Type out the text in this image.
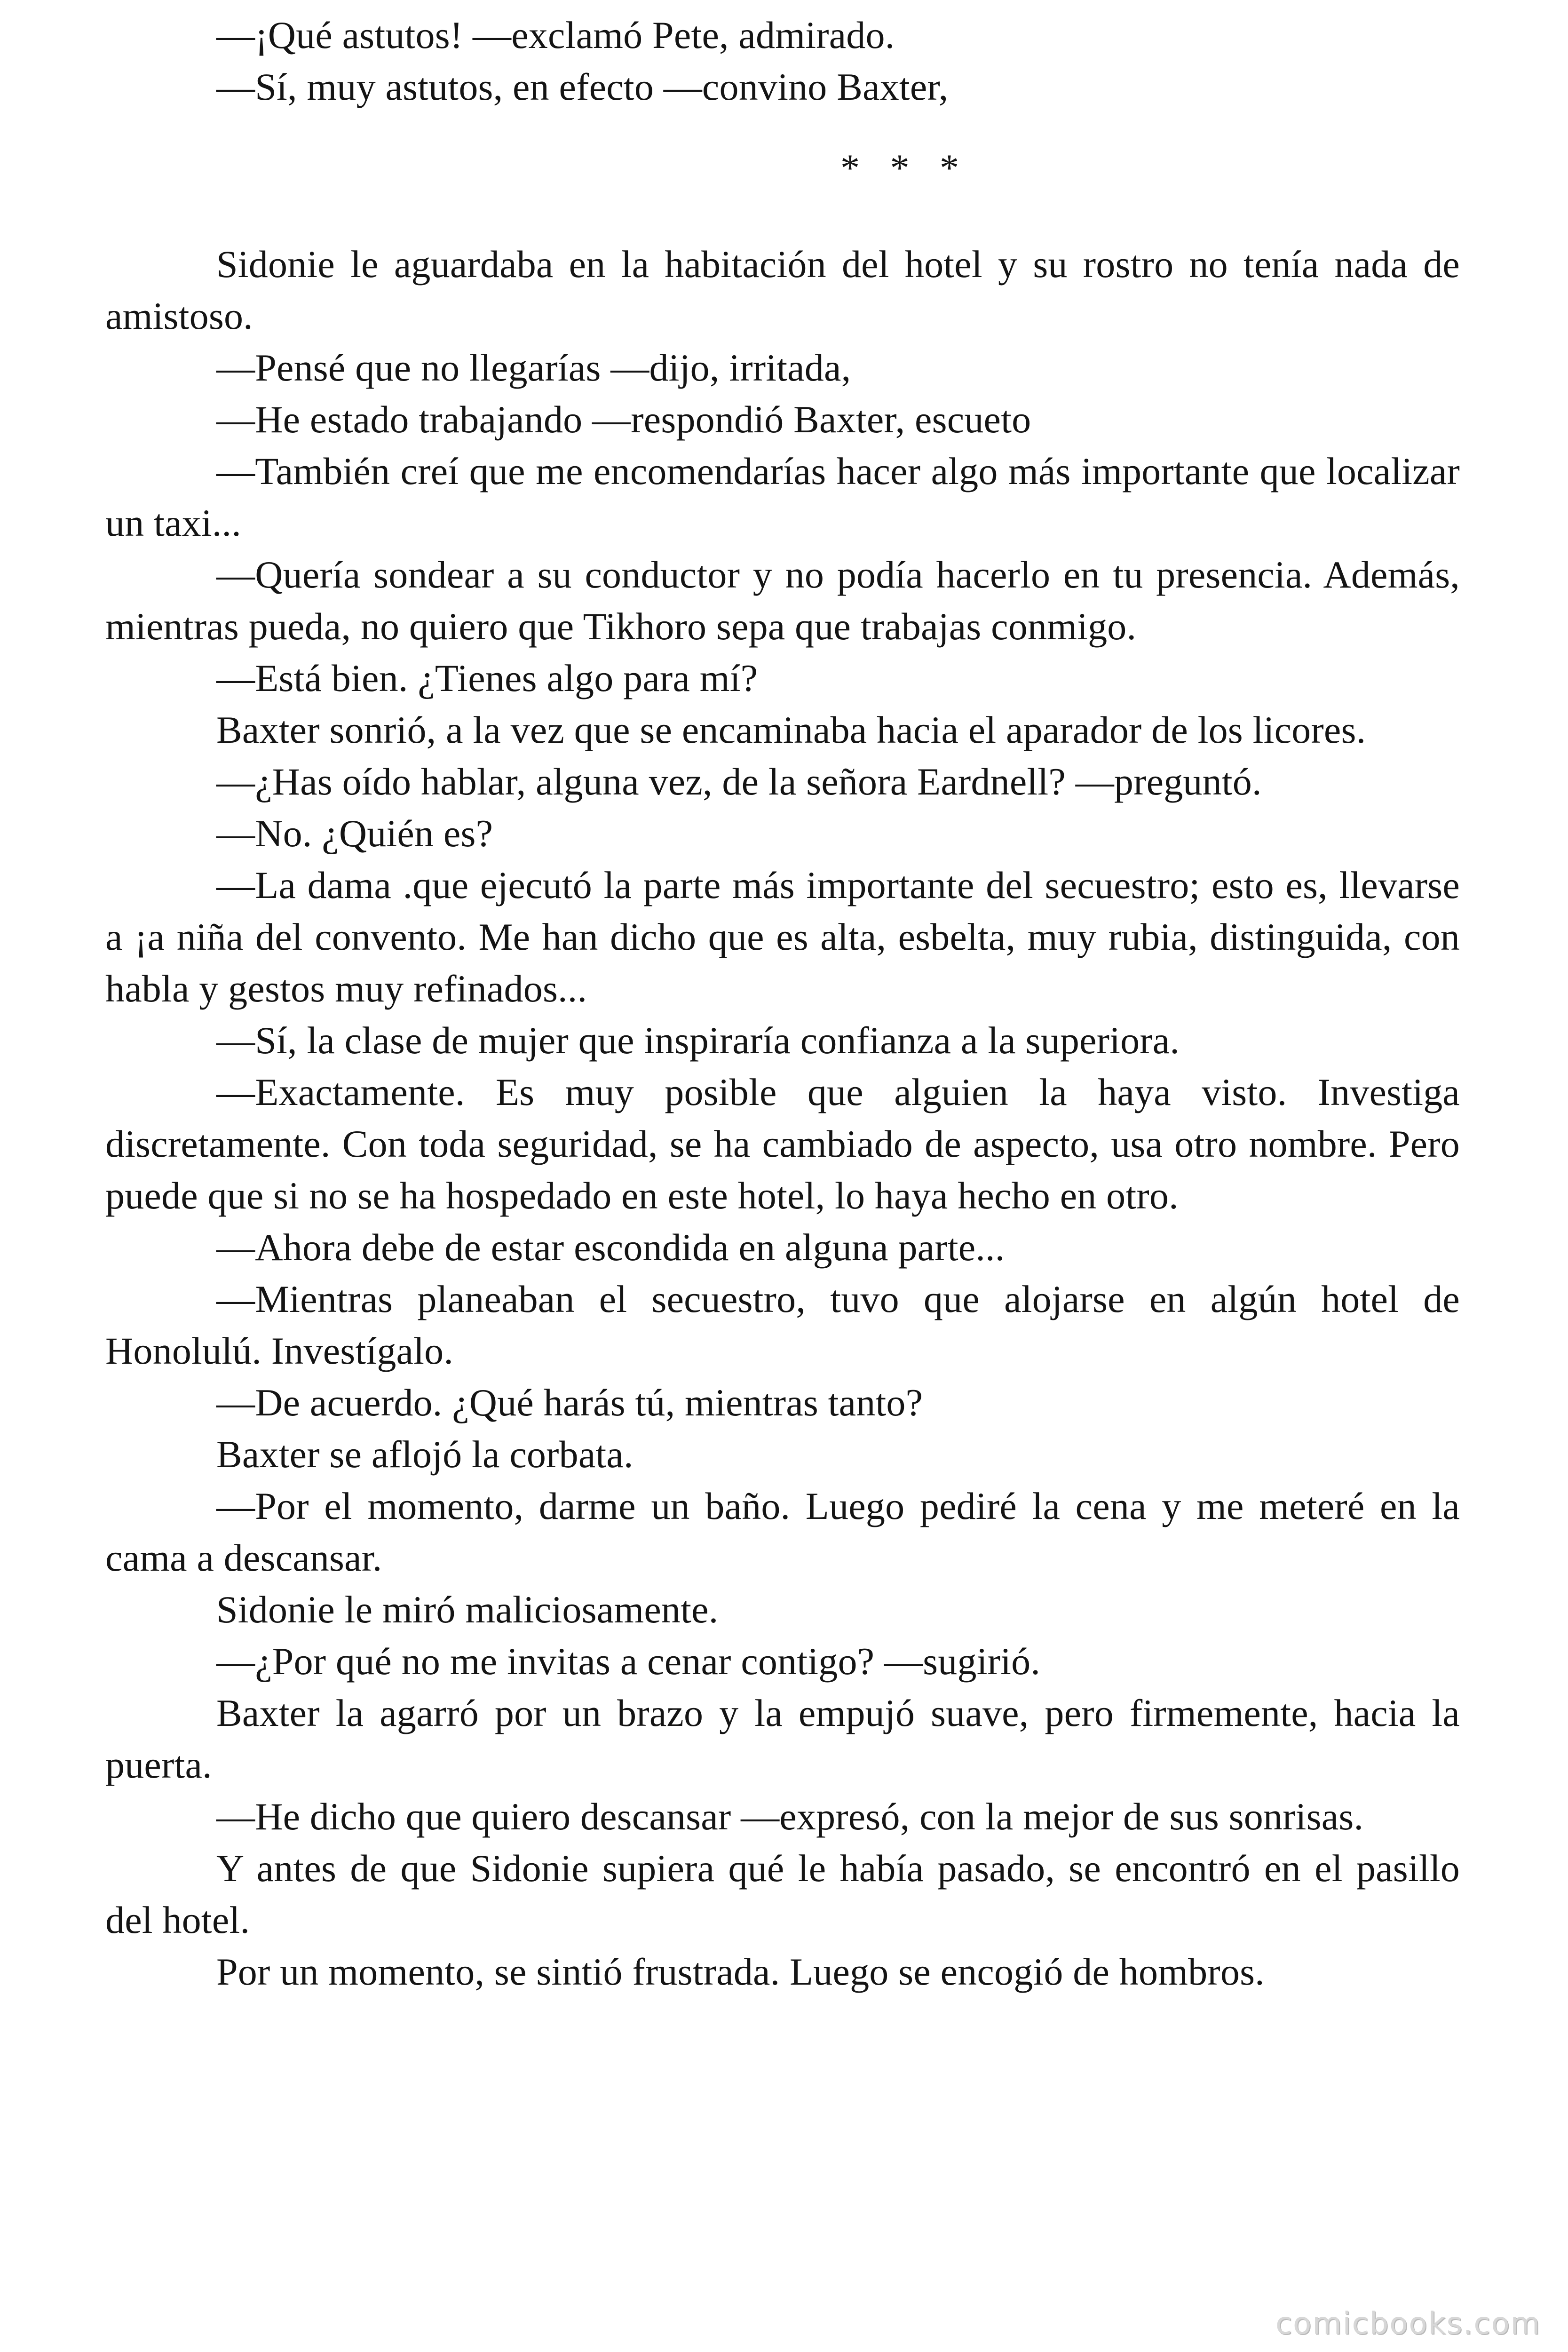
—¡Qué astutos! —exclamó Pete, admirado.

—Sí, muy astutos, en efecto —convino Baxter,

* * *

Sidonie le aguardaba en la habitación del hotel y su rostro no tenía nada de amistoso.

—Pensé que no llegarías —dijo, irritada,

—He estado trabajando —respondió Baxter, escueto

—También creí que me encomendarías hacer algo más importante que localizar un taxi...

—Quería sondear a su conductor y no podía hacerlo en tu presencia. Además, mientras pueda, no quiero que Tikhoro sepa que trabajas conmigo.

—Está bien. ¿Tienes algo para mí?

Baxter sonrió, a la vez que se encaminaba hacia el aparador de los licores.

—¿Has oído hablar, alguna vez, de la señora Eardnell? —preguntó.

—No. ¿Quién es?

—La dama .que ejecutó la parte más importante del secuestro; esto es, llevarse a ¡a niña del convento. Me han dicho que es alta, esbelta, muy rubia, distinguida, con habla y gestos muy refinados...

—Sí, la clase de mujer que inspiraría confianza a la superiora.

—Exactamente. Es muy posible que alguien la haya visto. Investiga discretamente. Con toda seguridad, se ha cambiado de aspecto, usa otro nombre. Pero puede que si no se ha hospedado en este hotel, lo haya hecho en otro.

—Ahora debe de estar escondida en alguna parte...

—Mientras planeaban el secuestro, tuvo que alojarse en algún hotel de Honolulú. Investígalo.

—De acuerdo. ¿Qué harás tú, mientras tanto?

Baxter se aflojó la corbata.

—Por el momento, darme un baño. Luego pediré la cena y me meteré en la cama a descansar.

Sidonie le miró maliciosamente.

—¿Por qué no me invitas a cenar contigo? —sugirió.

Baxter la agarró por un brazo y la empujó suave, pero firmemente, hacia la puerta.

—He dicho que quiero descansar —expresó, con la mejor de sus sonrisas.

Y antes de que Sidonie supiera qué le había pasado, se encontró en el pasillo del hotel.

Por un momento, se sintió frustrada. Luego se encogió de hombros.

comicbooks.com
